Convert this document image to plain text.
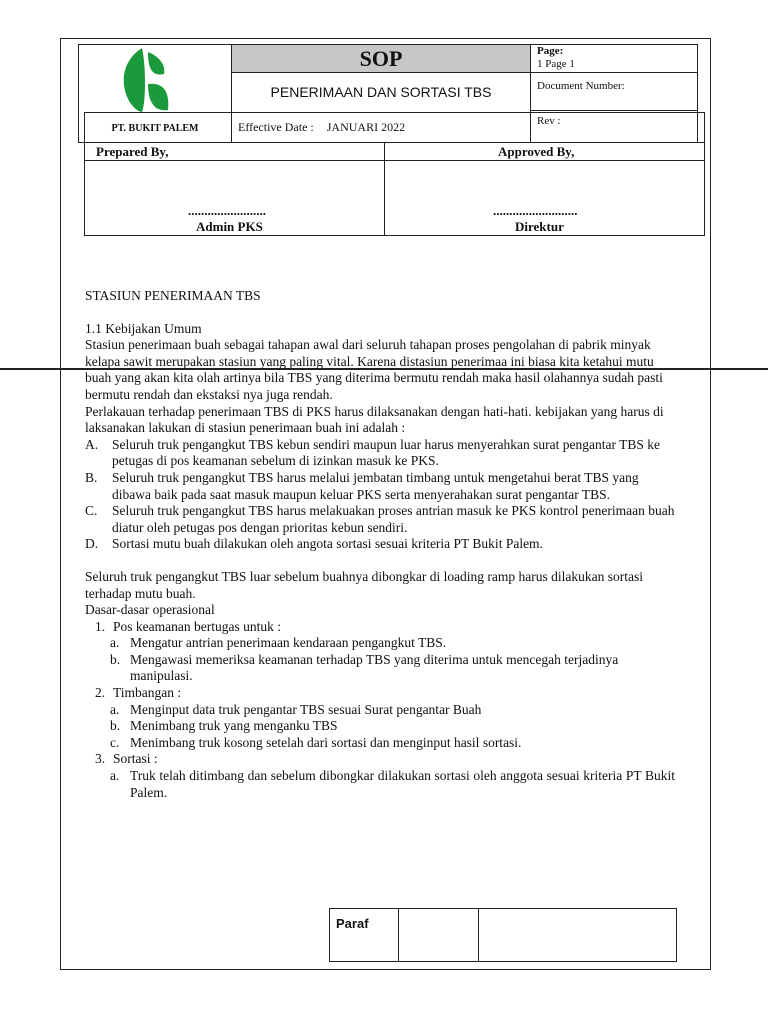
SOP
PENERIMAAN DAN SORTASI TBS
Page:
1 Page 1
Document Number:
Rev :
PT. BUKIT PALEM	Effective Date : JANUARI 2022
Prepared By,	Approved By,
........................	..........................
Admin PKS	Direktur

STASIUN PENERIMAAN TBS

1.1 Kebijakan Umum

Stasiun penerimaan buah sebagai tahapan awal dari seluruh tahapan proses pengolahan di pabrik minyak kelapa sawit merupakan stasiun yang paling vital. Karena distasiun penerimaa ini biasa kita ketahui mutu buah yang akan kita olah artinya bila TBS yang diterima bermutu rendah maka hasil olahannya sudah pasti bermutu rendah dan ekstaksi nya juga rendah.

Perlakauan terhadap penerimaan TBS di PKS harus dilaksanakan dengan hati-hati. kebijakan yang harus di laksanakan lakukan di stasiun penerimaan buah ini adalah :

A. Seluruh truk pengangkut TBS kebun sendiri maupun luar harus menyerahkan surat pengantar TBS ke petugas di pos keamanan sebelum di izinkan masuk ke PKS.
B. Seluruh truk pengangkut TBS harus melalui jembatan timbang untuk mengetahui berat TBS yang dibawa baik pada saat masuk maupun keluar PKS serta menyerahakan surat pengantar TBS.
C. Seluruh truk pengangkut TBS harus melakuakan proses antrian masuk ke PKS kontrol penerimaan buah diatur oleh petugas pos dengan prioritas kebun sendiri.
D. Sortasi mutu buah dilakukan oleh angota sortasi sesuai kriteria PT Bukit Palem.

Seluruh truk pengangkut TBS luar sebelum buahnya dibongkar di loading ramp harus dilakukan sortasi terhadap mutu buah.

Dasar-dasar operasional

1. Pos keamanan bertugas untuk :
a. Mengatur antrian penerimaan kendaraan pengangkut TBS.
b. Mengawasi memeriksa keamanan terhadap TBS yang diterima untuk mencegah terjadinya manipulasi.
2. Timbangan :
a. Menginput data truk pengantar TBS sesuai Surat pengantar Buah
b. Menimbang truk yang menganku TBS
c. Menimbang truk kosong setelah dari sortasi dan menginput hasil sortasi.
3. Sortasi :
a. Truk telah ditimbang dan sebelum dibongkar dilakukan sortasi oleh anggota sesuai kriteria PT Bukit Palem.
Paraf
